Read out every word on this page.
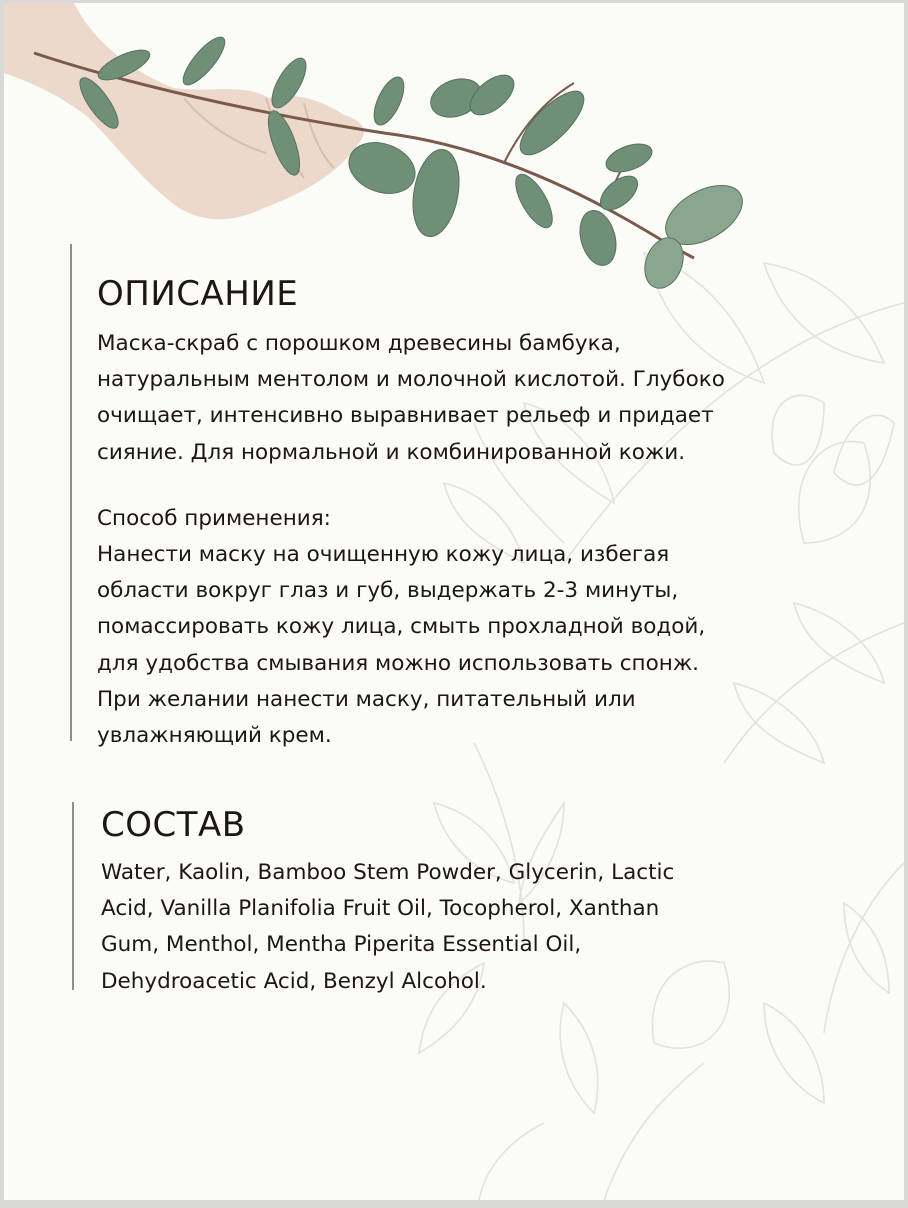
ОПИСАНИЕ
Маска-скраб с порошком древесины бамбука,
натуральным ментолом и молочной кислотой. Глубоко
очищает, интенсивно выравнивает рельеф и придает
сияние. Для нормальной и комбинированной кожи.
Способ применения:
Нанести маску на очищенную кожу лица, избегая
области вокруг глаз и губ, выдержать 2-3 минуты,
помассировать кожу лица, смыть прохладной водой,
для удобства смывания можно использовать спонж.
При желании нанести маску, питательный или
увлажняющий крем.
СОСТАВ
Water, Kaolin, Bamboo Stem Powder, Glycerin, Lactic
Acid, Vanilla Planifolia Fruit Oil, Tocopherol, Xanthan
Gum, Menthol, Mentha Piperita Essential Oil,
Dehydroacetic Acid, Benzyl Alcohol.
